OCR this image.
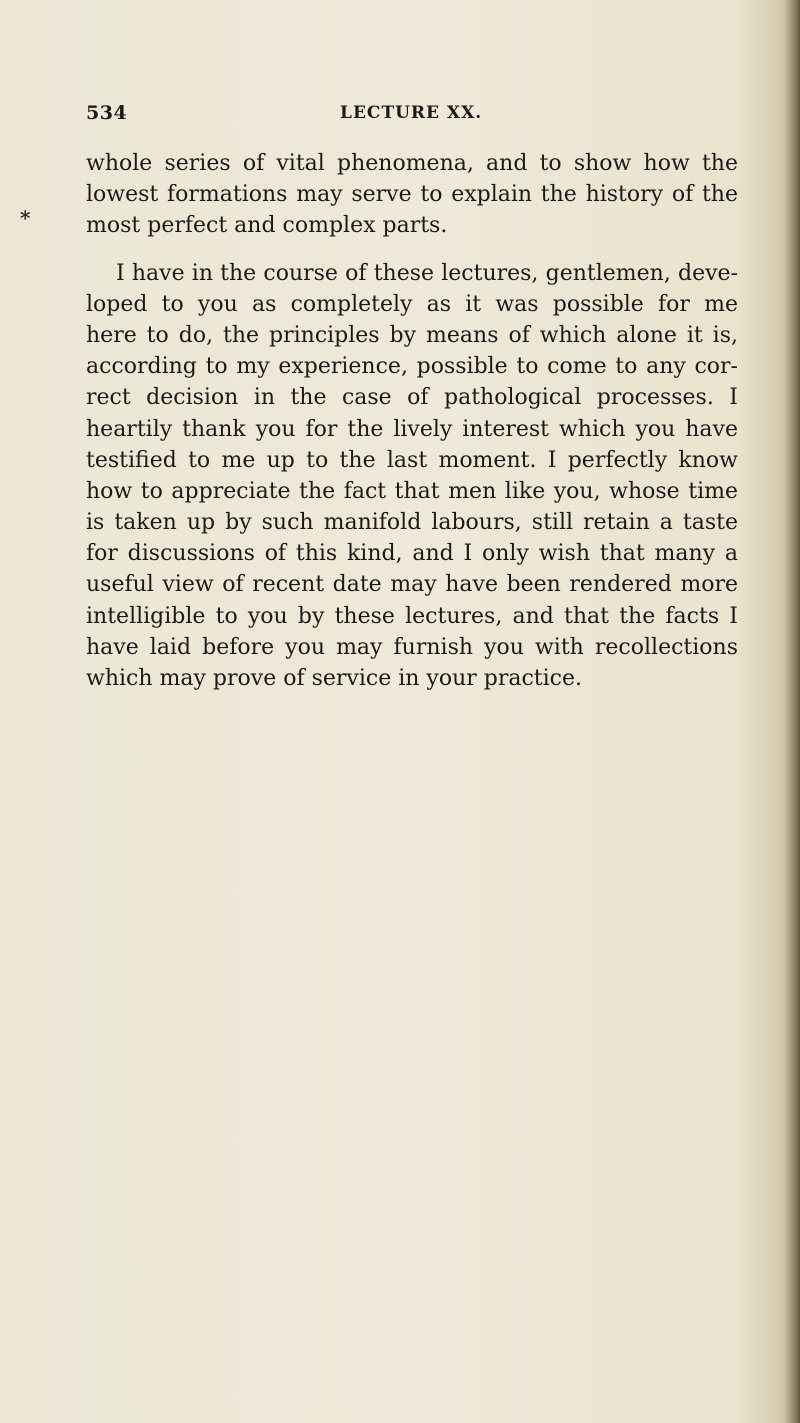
534	LECTURE XX.
*
whole series of vital phenomena, and to show how the
lowest formations may serve to explain the history of the
most perfect and complex parts.
I have in the course of these lectures, gentlemen, deve-
loped to you as completely as it was possible for me
here to do, the principles by means of which alone it is,
according to my experience, possible to come to any cor-
rect decision in the case of pathological processes. I
heartily thank you for the lively interest which you have
testified to me up to the last moment. I perfectly know
how to appreciate the fact that men like you, whose time
is taken up by such manifold labours, still retain a taste
for discussions of this kind, and I only wish that many a
useful view of recent date may have been rendered more
intelligible to you by these lectures, and that the facts I
have laid before you may furnish you with recollections
which may prove of service in your practice.
